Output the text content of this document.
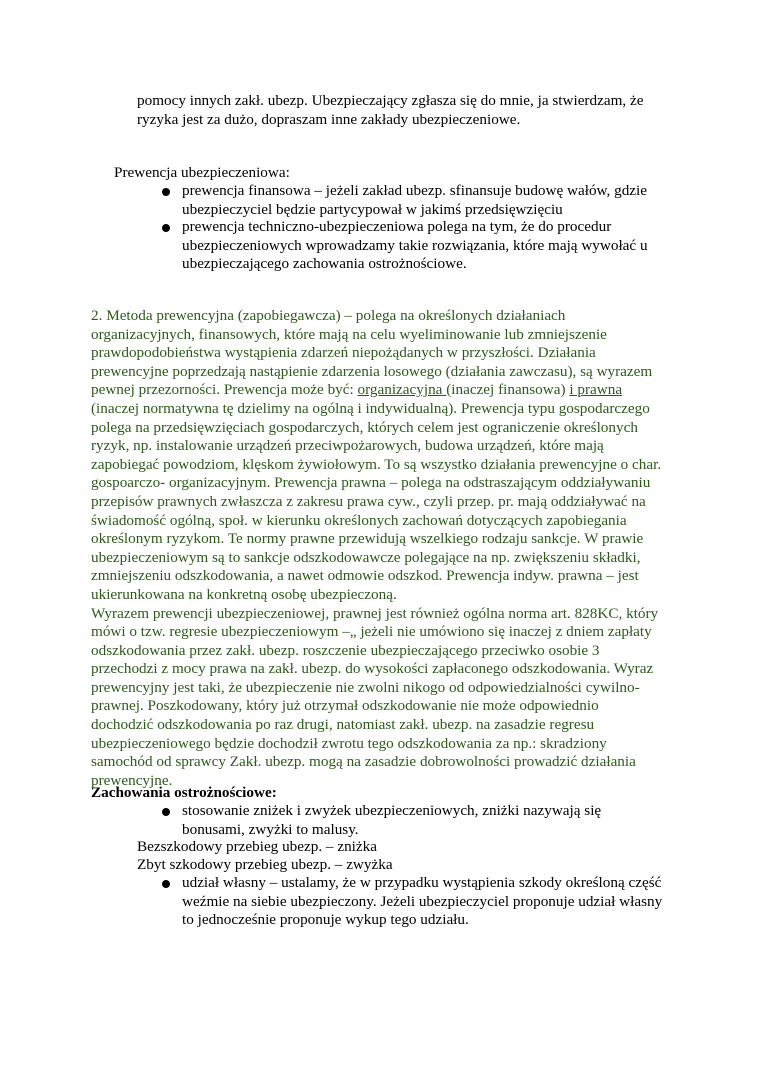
pomocy innych zakł. ubezp. Ubezpieczający zgłasza się do mnie, ja stwierdzam, że
ryzyka jest za dużo, dopraszam inne zakłady ubezpieczeniowe.
Prewencja ubezpieczeniowa:
prewencja finansowa – jeżeli zakład ubezp. sfinansuje budowę wałów, gdzie
ubezpieczyciel będzie partycypował w jakimś przedsięwzięciu
prewencja techniczno-ubezpieczeniowa polega na tym, że do procedur
ubezpieczeniowych wprowadzamy takie rozwiązania, które mają wywołać u
ubezpieczającego zachowania ostrożnościowe.
2. Metoda prewencyjna (zapobiegawcza) – polega na określonych działaniach
organizacyjnych, finansowych, które mają na celu wyeliminowanie lub zmniejszenie
prawdopodobieństwa wystąpienia zdarzeń niepożądanych w przyszłości. Działania
prewencyjne poprzedzają nastąpienie zdarzenia losowego (działania zawczasu), są wyrazem
pewnej przezorności. Prewencja może być: organizacyjna (inaczej finansowa) i prawna
(inaczej normatywna tę dzielimy na ogólną i indywidualną). Prewencja typu gospodarczego
polega na przedsięwzięciach gospodarczych, których celem jest ograniczenie określonych
ryzyk, np. instalowanie urządzeń przeciwpożarowych, budowa urządzeń, które mają
zapobiegać powodziom, klęskom żywiołowym. To są wszystko działania prewencyjne o char.
gospoarczo- organizacyjnym. Prewencja prawna – polega na odstraszającym oddziaływaniu
przepisów prawnych zwłaszcza z zakresu prawa cyw., czyli przep. pr. mają oddziaływać na
świadomość ogólną, społ. w kierunku określonych zachowań dotyczących zapobiegania
określonym ryzykom. Te normy prawne przewidują wszelkiego rodzaju sankcje. W prawie
ubezpieczeniowym są to sankcje odszkodowawcze polegające na np. zwiększeniu składki,
zmniejszeniu odszkodowania, a nawet odmowie odszkod. Prewencja indyw. prawna – jest
ukierunkowana na konkretną osobę ubezpieczoną.
Wyrazem prewencji ubezpieczeniowej, prawnej jest również ogólna norma art. 828KC, który
mówi o tzw. regresie ubezpieczeniowym –„ jeżeli nie umówiono się inaczej z dniem zapłaty
odszkodowania przez zakł. ubezp. roszczenie ubezpieczającego przeciwko osobie 3
przechodzi z mocy prawa na zakł. ubezp. do wysokości zapłaconego odszkodowania. Wyraz
prewencyjny jest taki, że ubezpieczenie nie zwolni nikogo od odpowiedzialności cywilno-
prawnej. Poszkodowany, który już otrzymał odszkodowanie nie może odpowiednio
dochodzić odszkodowania po raz drugi, natomiast zakł. ubezp. na zasadzie regresu
ubezpieczeniowego będzie dochodził zwrotu tego odszkodowania za np.: skradziony
samochód od sprawcy Zakł. ubezp. mogą na zasadzie dobrowolności prowadzić działania
prewencyjne.
Zachowania ostrożnościowe:
stosowanie zniżek i zwyżek ubezpieczeniowych, zniżki nazywają się
bonusami, zwyżki to malusy.
Bezszkodowy przebieg ubezp. – zniżka
Zbyt szkodowy przebieg ubezp. – zwyżka
udział własny – ustalamy, że w przypadku wystąpienia szkody określoną część
weźmie na siebie ubezpieczony. Jeżeli ubezpieczyciel proponuje udział własny
to jednocześnie proponuje wykup tego udziału.
